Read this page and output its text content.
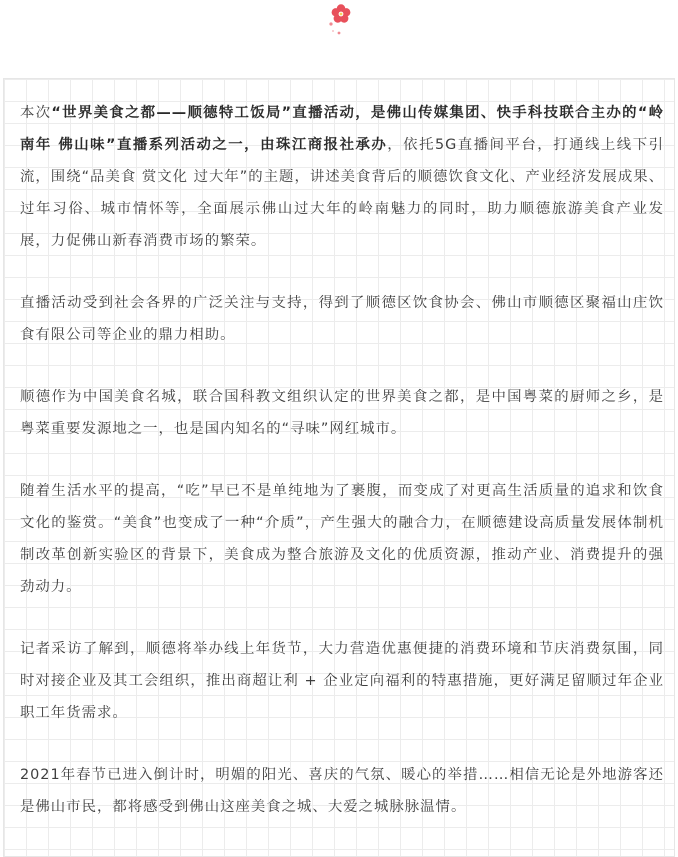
本次“世界美食之都——顺德特工饭局”直播活动，是佛山传媒集团、快手科技联合主办的“岭南年 佛山味”直播系列活动之一，由珠江商报社承办，依托5G直播间平台，打通线上线下引流，围绕“品美食 赏文化 过大年”的主题，讲述美食背后的顺德饮食文化、产业经济发展成果、过年习俗、城市情怀等，全面展示佛山过大年的岭南魅力的同时，助力顺德旅游美食产业发展，力促佛山新春消费市场的繁荣。

直播活动受到社会各界的广泛关注与支持，得到了顺德区饮食协会、佛山市顺德区聚福山庄饮食有限公司等企业的鼎力相助。

顺德作为中国美食名城，联合国科教文组织认定的世界美食之都，是中国粤菜的厨师之乡，是粤菜重要发源地之一，也是国内知名的“寻味”网红城市。

随着生活水平的提高，“吃”早已不是单纯地为了裹腹，而变成了对更高生活质量的追求和饮食文化的鉴赏。“美食”也变成了一种“介质”，产生强大的融合力，在顺德建设高质量发展体制机制改革创新实验区的背景下，美食成为整合旅游及文化的优质资源，推动产业、消费提升的强劲动力。

记者采访了解到，顺德将举办线上年货节，大力营造优惠便捷的消费环境和节庆消费氛围，同时对接企业及其工会组织，推出商超让利 + 企业定向福利的特惠措施，更好满足留顺过年企业职工年货需求。

2021年春节已进入倒计时，明媚的阳光、喜庆的气氛、暖心的举措……相信无论是外地游客还是佛山市民，都将感受到佛山这座美食之城、大爱之城脉脉温情。
